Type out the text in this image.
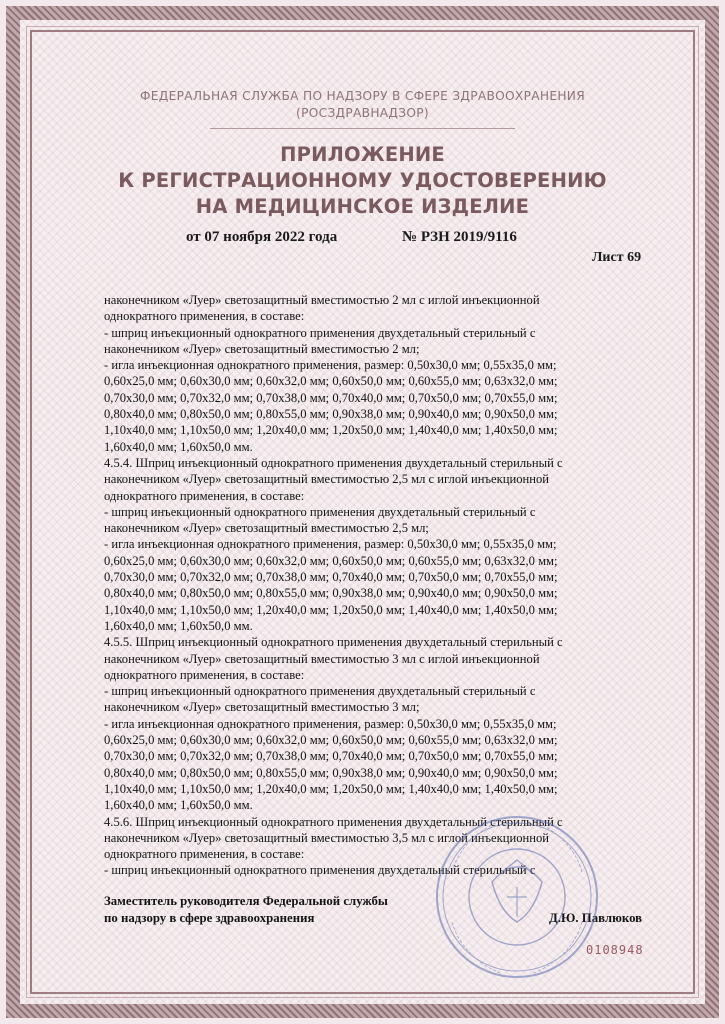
ФЕДЕРАЛЬНАЯ СЛУЖБА ПО НАДЗОРУ В СФЕРЕ ЗДРАВООХРАНЕНИЯ
(РОСЗДРАВНАДЗОР)
ПРИЛОЖЕНИЕ
К РЕГИСТРАЦИОННОМУ УДОСТОВЕРЕНИЮ
НА МЕДИЦИНСКОЕ ИЗДЕЛИЕ
от 07 ноября 2022 года	№ РЗН 2019/9116
Лист 69
наконечником «Луер» светозащитный вместимостью 2 мл с иглой инъекционной
однократного применения, в составе:
- шприц инъекционный однократного применения двухдетальный стерильный с
наконечником «Луер» светозащитный вместимостью 2 мл;
- игла инъекционная однократного применения, размер: 0,50х30,0 мм; 0,55х35,0 мм;
0,60х25,0 мм; 0,60х30,0 мм; 0,60х32,0 мм; 0,60х50,0 мм; 0,60х55,0 мм; 0,63х32,0 мм;
0,70х30,0 мм; 0,70х32,0 мм; 0,70х38,0 мм; 0,70х40,0 мм; 0,70х50,0 мм; 0,70х55,0 мм;
0,80х40,0 мм; 0,80х50,0 мм; 0,80х55,0 мм; 0,90х38,0 мм; 0,90х40,0 мм; 0,90х50,0 мм;
1,10х40,0 мм; 1,10х50,0 мм; 1,20х40,0 мм; 1,20х50,0 мм; 1,40х40,0 мм; 1,40х50,0 мм;
1,60х40,0 мм; 1,60х50,0 мм.
4.5.4. Шприц инъекционный однократного применения двухдетальный стерильный с
наконечником «Луер» светозащитный вместимостью 2,5 мл с иглой инъекционной
однократного применения, в составе:
- шприц инъекционный однократного применения двухдетальный стерильный с
наконечником «Луер» светозащитный вместимостью 2,5 мл;
- игла инъекционная однократного применения, размер: 0,50х30,0 мм; 0,55х35,0 мм;
0,60х25,0 мм; 0,60х30,0 мм; 0,60х32,0 мм; 0,60х50,0 мм; 0,60х55,0 мм; 0,63х32,0 мм;
0,70х30,0 мм; 0,70х32,0 мм; 0,70х38,0 мм; 0,70х40,0 мм; 0,70х50,0 мм; 0,70х55,0 мм;
0,80х40,0 мм; 0,80х50,0 мм; 0,80х55,0 мм; 0,90х38,0 мм; 0,90х40,0 мм; 0,90х50,0 мм;
1,10х40,0 мм; 1,10х50,0 мм; 1,20х40,0 мм; 1,20х50,0 мм; 1,40х40,0 мм; 1,40х50,0 мм;
1,60х40,0 мм; 1,60х50,0 мм.
4.5.5. Шприц инъекционный однократного применения двухдетальный стерильный с
наконечником «Луер» светозащитный вместимостью 3 мл с иглой инъекционной
однократного применения, в составе:
- шприц инъекционный однократного применения двухдетальный стерильный с
наконечником «Луер» светозащитный вместимостью 3 мл;
- игла инъекционная однократного применения, размер: 0,50х30,0 мм; 0,55х35,0 мм;
0,60х25,0 мм; 0,60х30,0 мм; 0,60х32,0 мм; 0,60х50,0 мм; 0,60х55,0 мм; 0,63х32,0 мм;
0,70х30,0 мм; 0,70х32,0 мм; 0,70х38,0 мм; 0,70х40,0 мм; 0,70х50,0 мм; 0,70х55,0 мм;
0,80х40,0 мм; 0,80х50,0 мм; 0,80х55,0 мм; 0,90х38,0 мм; 0,90х40,0 мм; 0,90х50,0 мм;
1,10х40,0 мм; 1,10х50,0 мм; 1,20х40,0 мм; 1,20х50,0 мм; 1,40х40,0 мм; 1,40х50,0 мм;
1,60х40,0 мм; 1,60х50,0 мм.
4.5.6. Шприц инъекционный однократного применения двухдетальный стерильный с
наконечником «Луер» светозащитный вместимостью 3,5 мл с иглой инъекционной
однократного применения, в составе:
- шприц инъекционный однократного применения двухдетальный стерильный с
Заместитель руководителя Федеральной службы
по надзору в сфере здравоохранения	Д.Ю. Павлюков
0108948
